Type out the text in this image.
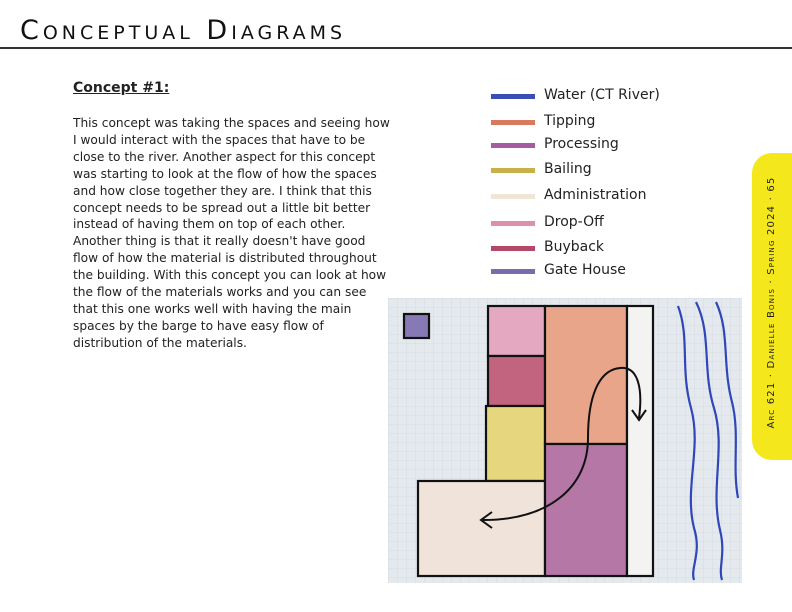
Conceptual Diagrams
Concept #1:

This concept was taking the spaces and seeing how I would interact with the spaces that have to be close to the river. Another aspect for this concept was starting to look at the flow of how the spaces and how close together they are. I think that this concept needs to be spread out a little bit better instead of having them on top of each other. Another thing is that it really doesn't have good flow of how the material is distributed throughout the building. With this concept you can look at how the flow of the materials works and you can see that this one works well with having the main spaces by the barge to have easy flow of distribution of the materials.

Water (CT River)
Tipping
Processing
Bailing
Administration
Drop-Off
Buyback
Gate House	Arc 621 · Danielle Bonis · Spring 2024 · 65
